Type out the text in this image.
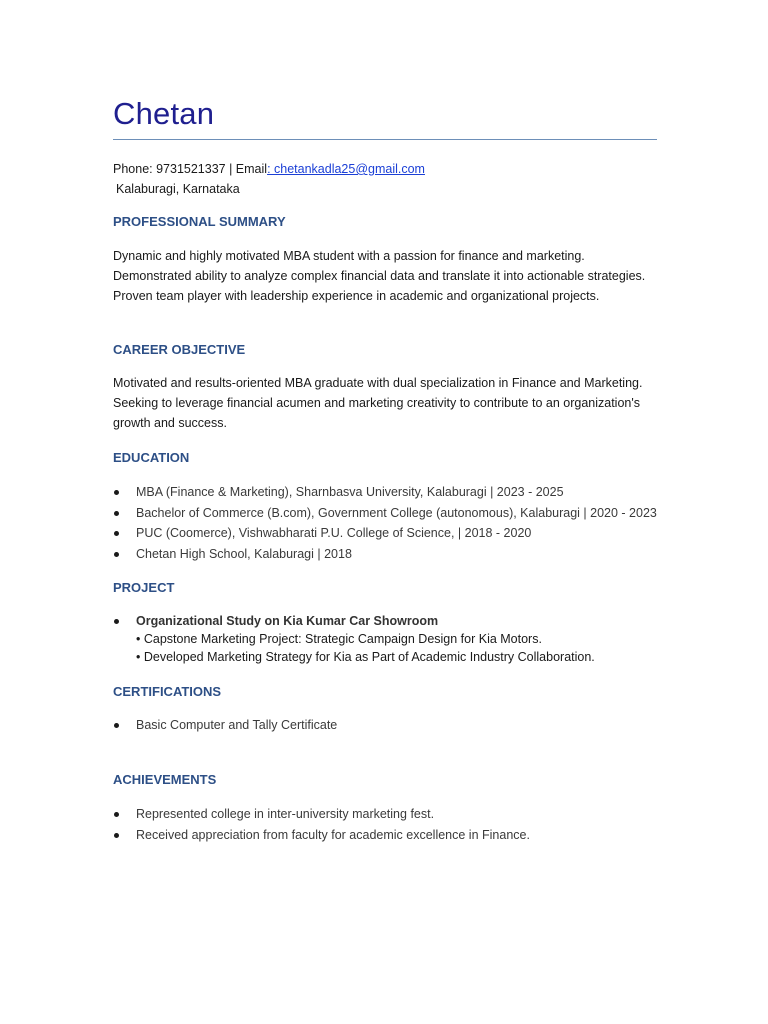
Chetan
Phone: 9731521337 | Email: chetankadla25@gmail.com
Kalaburagi, Karnataka
PROFESSIONAL SUMMARY

Dynamic and highly motivated MBA student with a passion for finance and marketing. Demonstrated ability to analyze complex financial data and translate it into actionable strategies. Proven team player with leadership experience in academic and organizational projects.

CAREER OBJECTIVE

Motivated and results-oriented MBA graduate with dual specialization in Finance and Marketing. Seeking to leverage financial acumen and marketing creativity to contribute to an organization's growth and success.

EDUCATION
MBA (Finance & Marketing), Sharnbasva University, Kalaburagi | 2023 - 2025
Bachelor of Commerce (B.com), Government College (autonomous), Kalaburagi | 2020 - 2023
PUC (Coomerce), Vishwabharati P.U. College of Science, | 2018 - 2020
Chetan High School, Kalaburagi | 2018
PROJECT
Organizational Study on Kia Kumar Car Showroom
• Capstone Marketing Project: Strategic Campaign Design for Kia Motors.
• Developed Marketing Strategy for Kia as Part of Academic Industry Collaboration.
CERTIFICATIONS
Basic Computer and Tally Certificate
ACHIEVEMENTS
Represented college in inter-university marketing fest.
Received appreciation from faculty for academic excellence in Finance.
